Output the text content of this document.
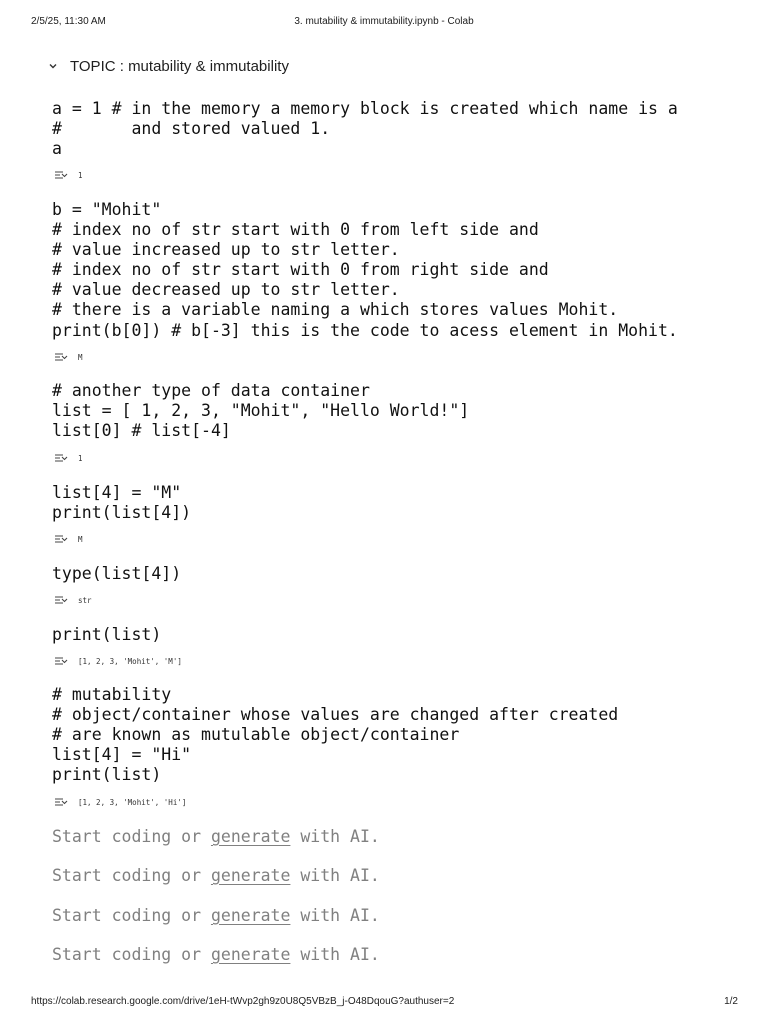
2/5/25, 11:30 AM	3. mutability & immutability.ipynb - Colab
TOPIC : mutability & immutability
a = 1 # in the memory a memory block is created which name is a
#       and stored valued 1.
a
1
b = "Mohit"
# index no of str start with 0 from left side and
# value increased up to str letter.
# index no of str start with 0 from right side and
# value decreased up to str letter.
# there is a variable naming a which stores values Mohit.
print(b[0]) # b[-3] this is the code to acess element in Mohit.
M
# another type of data container
list = [ 1, 2, 3, "Mohit", "Hello World!"]
list[0] # list[-4]
1
list[4] = "M"
print(list[4])
M
type(list[4])
str
print(list)
[1, 2, 3, 'Mohit', 'M']
# mutability
# object/container whose values are changed after created
# are known as mutulable object/container
list[4] = "Hi"
print(list)
[1, 2, 3, 'Mohit', 'Hi']
Start coding or generate with AI.
Start coding or generate with AI.
Start coding or generate with AI.
Start coding or generate with AI.
https://colab.research.google.com/drive/1eH-tWvp2gh9z0U8Q5VBzB_j-O48DqouG?authuser=2	1/2
